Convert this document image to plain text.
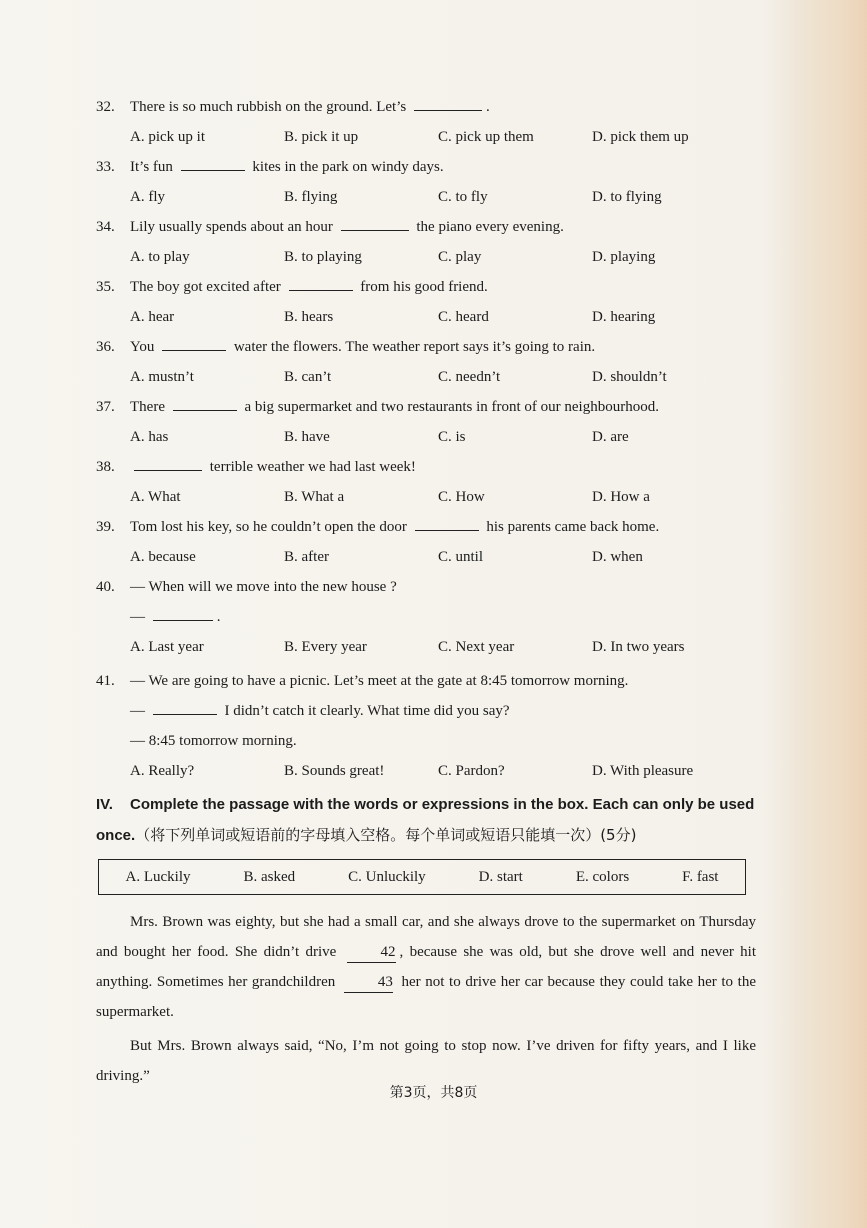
32.	There is so much rubbish on the ground. Let’s	.
A. pick up it	B. pick it up	C. pick up them	D. pick them up
33.	It’s fun	kites in the park on windy days.
A. fly	B. flying	C. to fly	D. to flying
34.	Lily usually spends about an hour	the piano every evening.
A. to play	B. to playing	C. play	D. playing
35.	The boy got excited after	from his good friend.
A. hear	B. hears	C. heard	D. hearing
36.	You	water the flowers. The weather report says it’s going to rain.
A. mustn’t	B. can’t	C. needn’t	D. shouldn’t
37.	There	a big supermarket and two restaurants in front of our neighbourhood.
A. has	B. have	C. is	D. are
38.	terrible weather we had last week!
A. What	B. What a	C. How	D. How a
39.	Tom lost his key, so he couldn’t open the door	his parents came back home.
A. because	B. after	C. until	D. when
40.	— When will we move into the new house ?
—	.
A. Last year	B. Every year	C. Next year	D. In two years
41.	— We are going to have a picnic. Let’s meet at the gate at 8:45 tomorrow morning.
—	I didn’t catch it clearly. What time did you say?
— 8:45 tomorrow morning.
A. Really?	B. Sounds great!	C. Pardon?	D. With pleasure
IV. Complete the passage with the words or expressions in the box. Each can only be used once.（将下列单词或短语前的字母填入空格。每个单词或短语只能填一次）(5分)
A. Luckily	B. asked	C. Unluckily	D. start	E. colors	F. fast

Mrs. Brown was eighty, but she had a small car, and she always drove to the supermarket on Thursday and bought her food. She didn’t drive	42 , because she was old, but she drove well and never hit anything. Sometimes her grandchildren	43 her not to drive her car because they could take her to the supermarket.

But Mrs. Brown always said, “No, I’m not going to stop now. I’ve driven for fifty years, and I like driving.”

第3页，共8页
